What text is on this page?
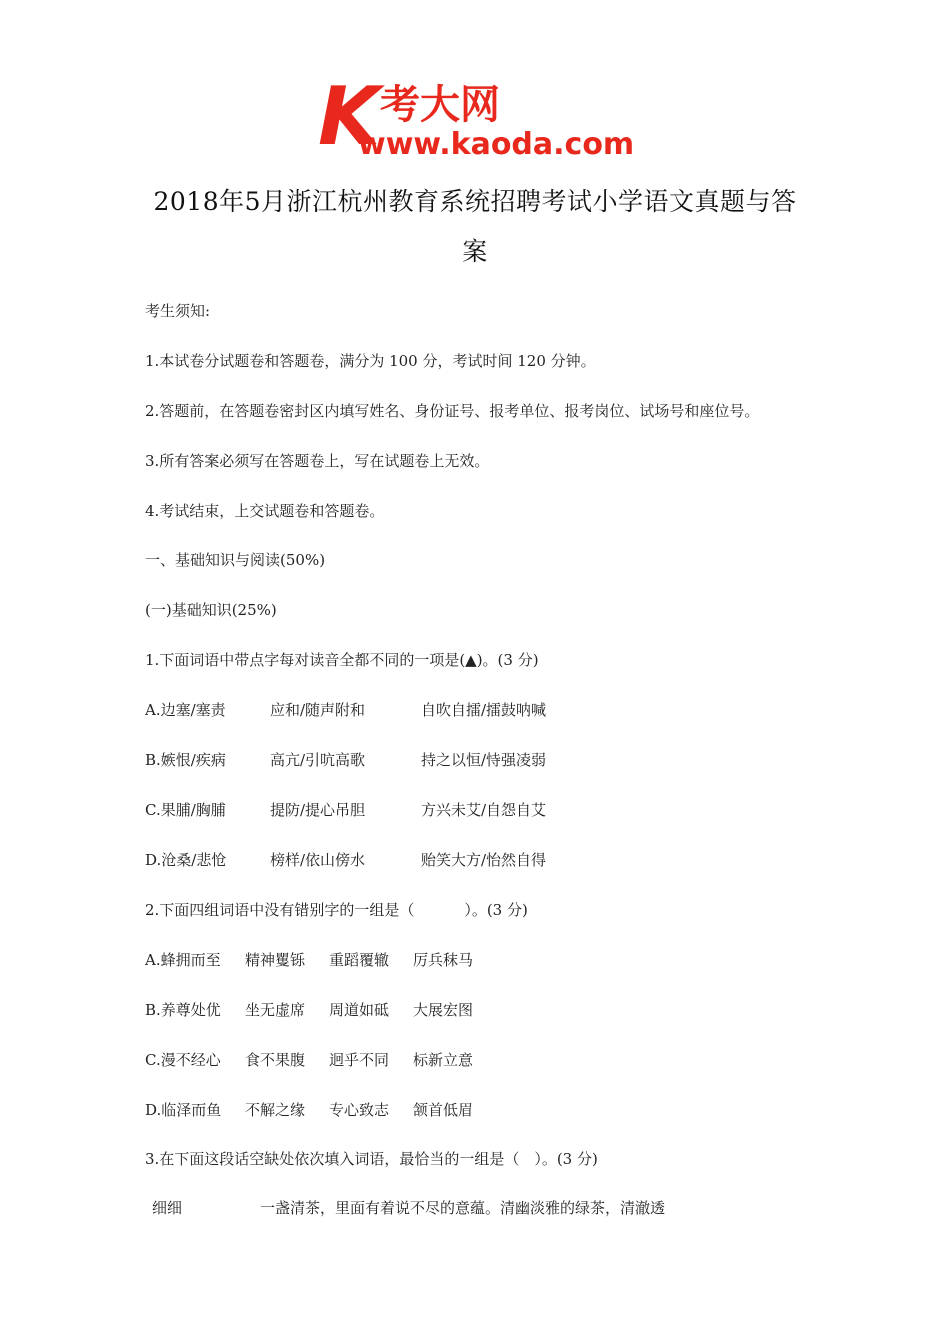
K 考大网
www.kaoda.com
2018年5月浙江杭州教育系统招聘考试小学语文真题与答
案
考生须知:
1.本试卷分试题卷和答题卷，满分为 100 分，考试时间 120 分钟。
2.答题前，在答题卷密封区内填写姓名、身份证号、报考单位、报考岗位、试场号和座位号。
3.所有答案必须写在答题卷上，写在试题卷上无效。
4.考试结束，上交试题卷和答题卷。
一、基础知识与阅读(50%)
(一)基础知识(25%)
1.下面词语中带点字每对读音全都不同的一项是(▲)。(3 分)
A.边塞/塞责	应和/随声附和	自吹自擂/擂鼓呐喊
B.嫉恨/疾病	高亢/引吭高歌	持之以恒/恃强凌弱
C.果脯/胸脯	提防/提心吊胆	方兴未艾/自怨自艾
D.沧桑/悲怆	榜样/依山傍水	贻笑大方/怡然自得
2.下面四组词语中没有错别字的一组是（	）。(3 分)
A.蜂拥而至 精神矍铄 重蹈覆辙 厉兵秣马
B.养尊处优 坐无虚席 周道如砥 大展宏图
C.漫不经心 食不果腹 迥乎不同 标新立意
D.临泽而鱼 不解之缘 专心致志 颔首低眉
3.在下面这段话空缺处依次填入词语，最恰当的一组是（　）。(3 分)
细细	一盏清茶，里面有着说不尽的意蕴。清幽淡雅的绿茶，清澈透
